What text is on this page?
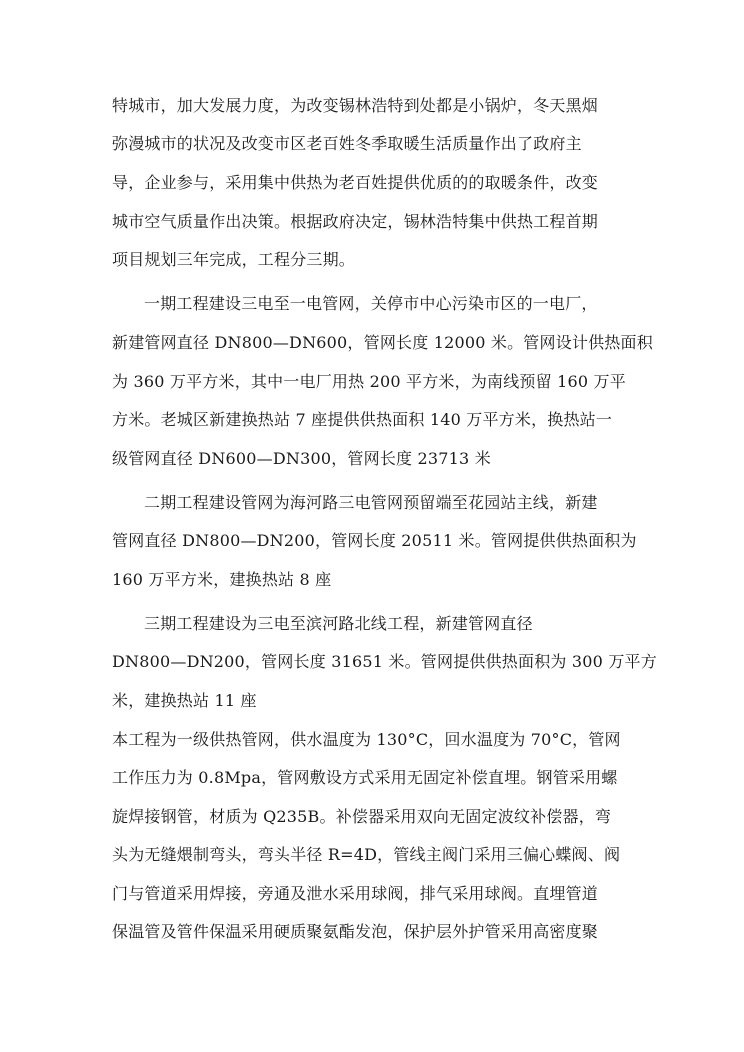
特城市，加大发展力度，为改变锡林浩特到处都是小锅炉，冬天黑烟
弥漫城市的状况及改变市区老百姓冬季取暖生活质量作出了政府主
导，企业参与，采用集中供热为老百姓提供优质的的取暖条件，改变
城市空气质量作出决策。根据政府决定，锡林浩特集中供热工程首期
项目规划三年完成，工程分三期。
一期工程建设三电至一电管网，关停市中心污染市区的一电厂，
新建管网直径 DN800—DN600，管网长度 12000 米。管网设计供热面积
为 360 万平方米，其中一电厂用热 200 平方米，为南线预留 160 万平
方米。老城区新建换热站 7 座提供供热面积 140 万平方米，换热站一
级管网直径 DN600—DN300，管网长度 23713 米
二期工程建设管网为海河路三电管网预留端至花园站主线，新建
管网直径 DN800—DN200，管网长度 20511 米。管网提供供热面积为
160 万平方米，建换热站 8 座
三期工程建设为三电至滨河路北线工程，新建管网直径
DN800—DN200，管网长度 31651 米。管网提供供热面积为 300 万平方
米，建换热站 11 座
本工程为一级供热管网，供水温度为 130°C，回水温度为 70°C，管网
工作压力为 0.8Mpa，管网敷设方式采用无固定补偿直埋。钢管采用螺
旋焊接钢管，材质为 Q235B。补偿器采用双向无固定波纹补偿器，弯
头为无缝煨制弯头，弯头半径 R=4D，管线主阀门采用三偏心蝶阀、阀
门与管道采用焊接，旁通及泄水采用球阀，排气采用球阀。直埋管道
保温管及管件保温采用硬质聚氨酯发泡，保护层外护管采用高密度聚
